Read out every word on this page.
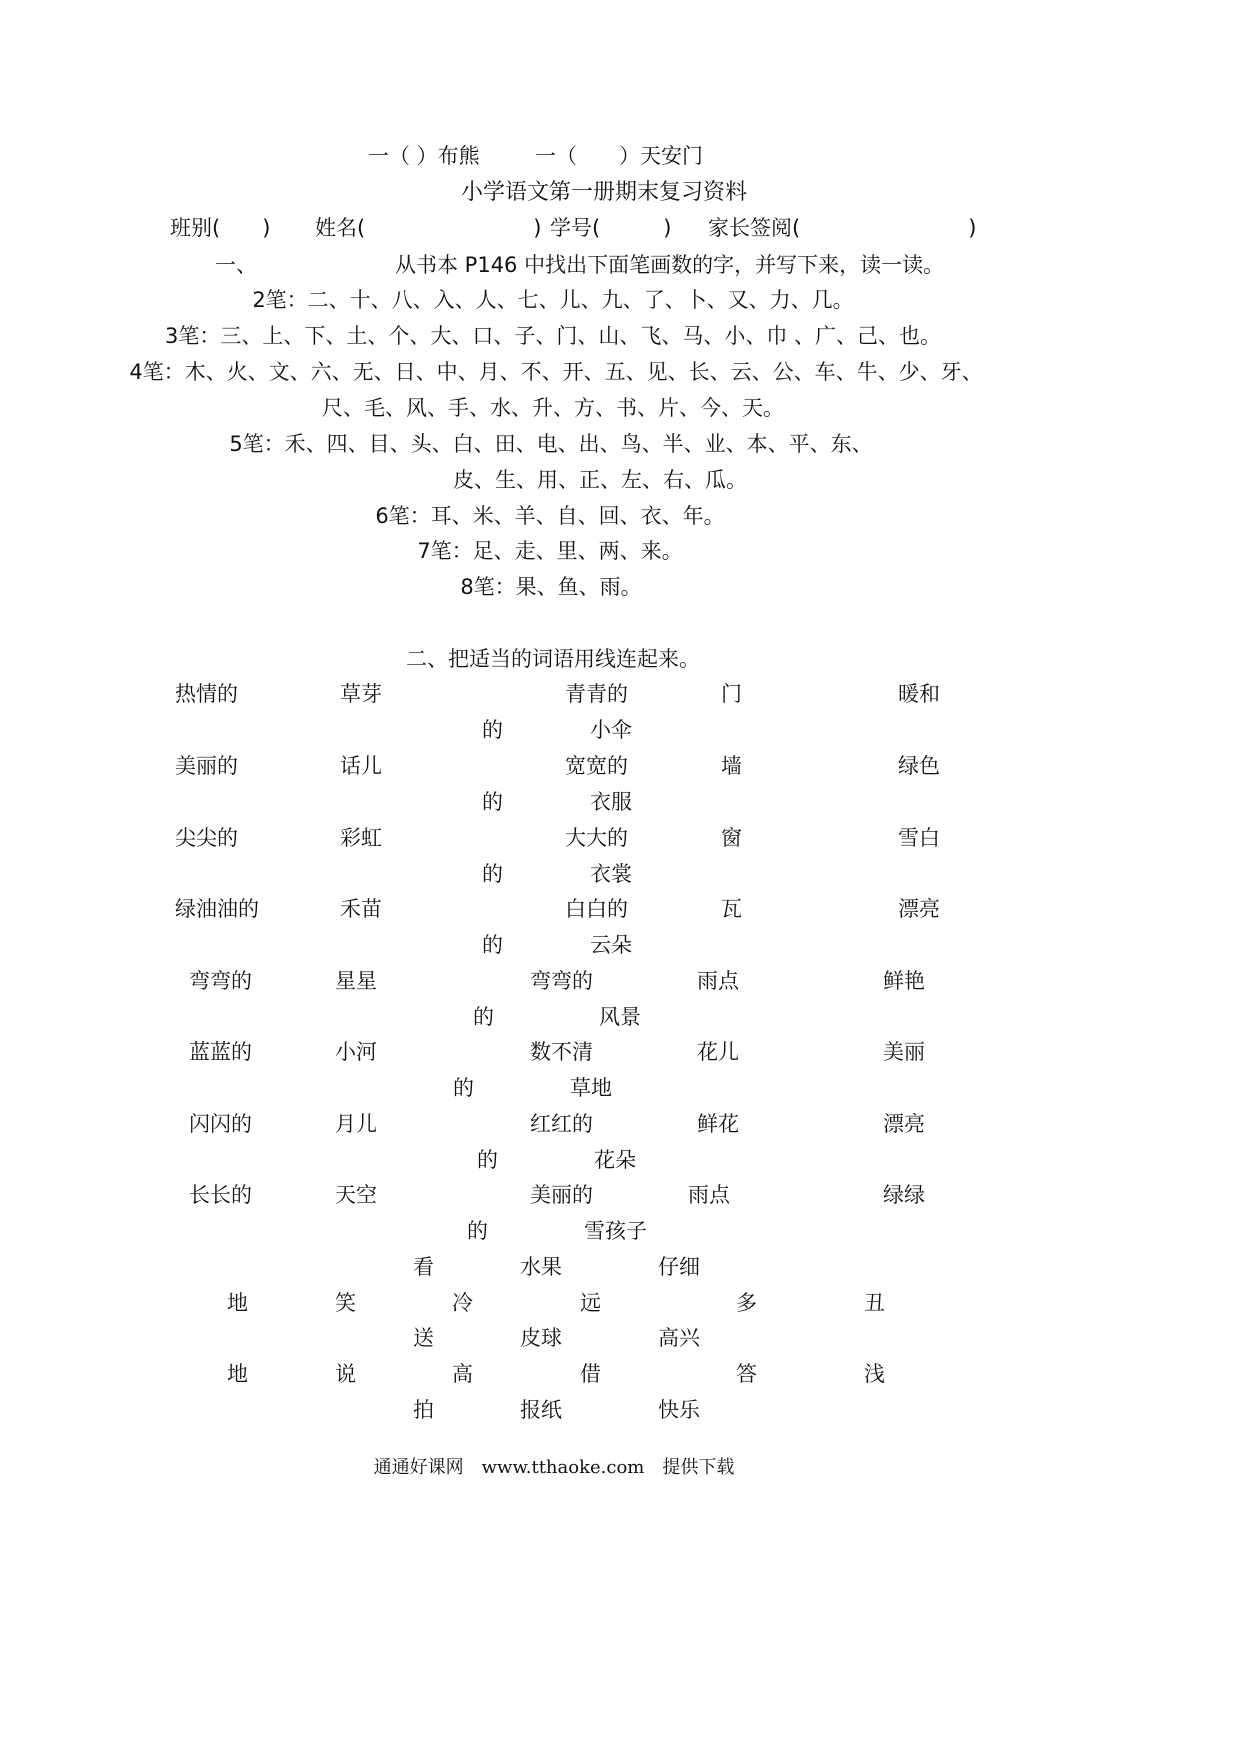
一（ ）布熊	一（　　）天安门
小学语文第一册期末复习资料
班别(　　) 姓名(　　　　　　　　) 学号(　　　) 家长签阅(　　　　　　　　)
一、	从书本 P146 中找出下面笔画数的字，并写下来，读一读。
2笔：二、十、八、入、人、七、儿、九、了、卜、又、力、几。
3笔：三、上、下、土、个、大、口、子、门、山、飞、马、小、巾 、广、己、也。
4笔：木、火、文、六、无、日、中、月、不、开、五、见、长、云、公、车、牛、少、牙、
尺、毛、风、手、水、升、方、书、片、今、天。
5笔：禾、四、目、头、白、田、电、出、鸟、半、业、本、平、东、
皮、生、用、正、左、右、瓜。
6笔：耳、米、羊、自、回、衣、年。
7笔：足、走、里、两、来。
8笔：果、鱼、雨。
二、把适当的词语用线连起来。
热情的	草芽	青青的	门	暖和
的	小伞
美丽的	话儿	宽宽的	墙	绿色
的	衣服
尖尖的	彩虹	大大的	窗	雪白
的	衣裳
绿油油的	禾苗	白白的	瓦	漂亮
的	云朵
弯弯的	星星	弯弯的	雨点	鲜艳
的	风景
蓝蓝的	小河	数不清	花儿	美丽
的	草地
闪闪的	月儿	红红的	鲜花	漂亮
的	花朵
长长的	天空	美丽的	雨点	绿绿
的	雪孩子
看	水果	仔细
地	笑	冷	远	多	丑
送	皮球	高兴
地	说	高	借	答	浅
拍	报纸	快乐
通通好课网　www.tthaoke.com　提供下载
